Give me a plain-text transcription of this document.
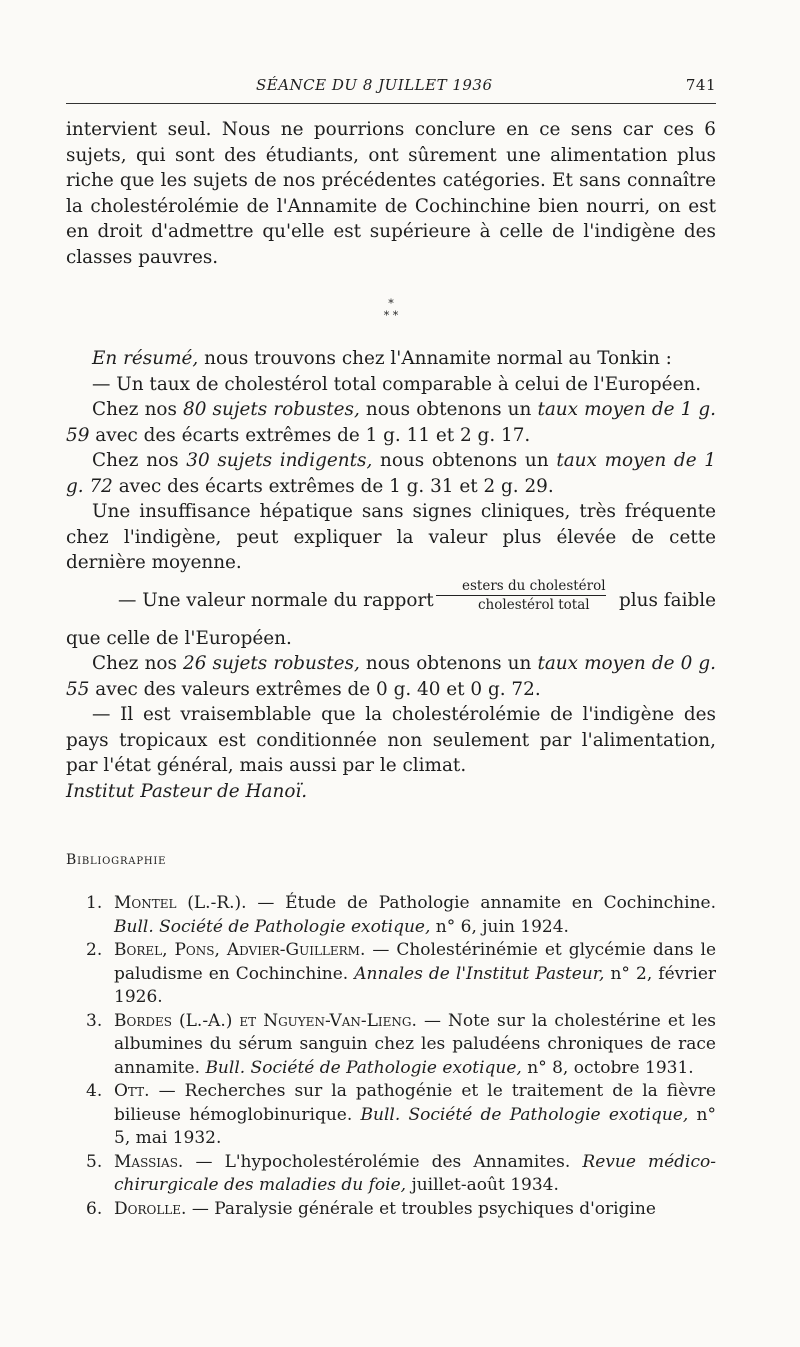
SÉANCE DU 8 JUILLET 1936	741

intervient seul. Nous ne pourrions conclure en ce sens car ces 6 sujets, qui sont des étudiants, ont sûrement une alimentation plus riche que les sujets de nos précédentes catégories. Et sans connaître la cholestérolémie de l'Annamite de Cochinchine bien nourri, on est en droit d'admettre qu'elle est supérieure à celle de l'indigène des classes pauvres.

*
* *

En résumé, nous trouvons chez l'Annamite normal au Tonkin :

— Un taux de cholestérol total comparable à celui de l'Européen.

Chez nos 80 sujets robustes, nous obtenons un taux moyen de 1 g. 59 avec des écarts extrêmes de 1 g. 11 et 2 g. 17.

Chez nos 30 sujets indigents, nous obtenons un taux moyen de 1 g. 72 avec des écarts extrêmes de 1 g. 31 et 2 g. 29.

Une insuffisance hépatique sans signes cliniques, très fréquente chez l'indigène, peut expliquer la valeur plus élevée de cette dernière moyenne.

— Une valeur normale du rapport
esters du cholestérol
cholestérol total	plus faible

que celle de l'Européen.

Chez nos 26 sujets robustes, nous obtenons un taux moyen de 0 g. 55 avec des valeurs extrêmes de 0 g. 40 et 0 g. 72.

— Il est vraisemblable que la cholestérolémie de l'indigène des pays tropicaux est conditionnée non seulement par l'alimentation, par l'état général, mais aussi par le climat.

Institut Pasteur de Hanoï.

Bibliographie
1. Montel (L.-R.). — Étude de Pathologie annamite en Cochinchine. Bull. Société de Pathologie exotique, n° 6, juin 1924.
2. Borel, Pons, Advier-Guillerm. — Cholestérinémie et glycémie dans le paludisme en Cochinchine. Annales de l'Institut Pasteur, n° 2, février 1926.
3. Bordes (L.-A.) et Nguyen-Van-Lieng. — Note sur la cholestérine et les albumines du sérum sanguin chez les paludéens chroniques de race annamite. Bull. Société de Pathologie exotique, n° 8, octobre 1931.
4. Ott. — Recherches sur la pathogénie et le traitement de la fièvre bilieuse hémoglobinurique. Bull. Société de Pathologie exotique, n° 5, mai 1932.
5. Massias. — L'hypocholestérolémie des Annamites. Revue médico-chirurgicale des maladies du foie, juillet-août 1934.
6. Dorolle. — Paralysie générale et troubles psychiques d'origine
